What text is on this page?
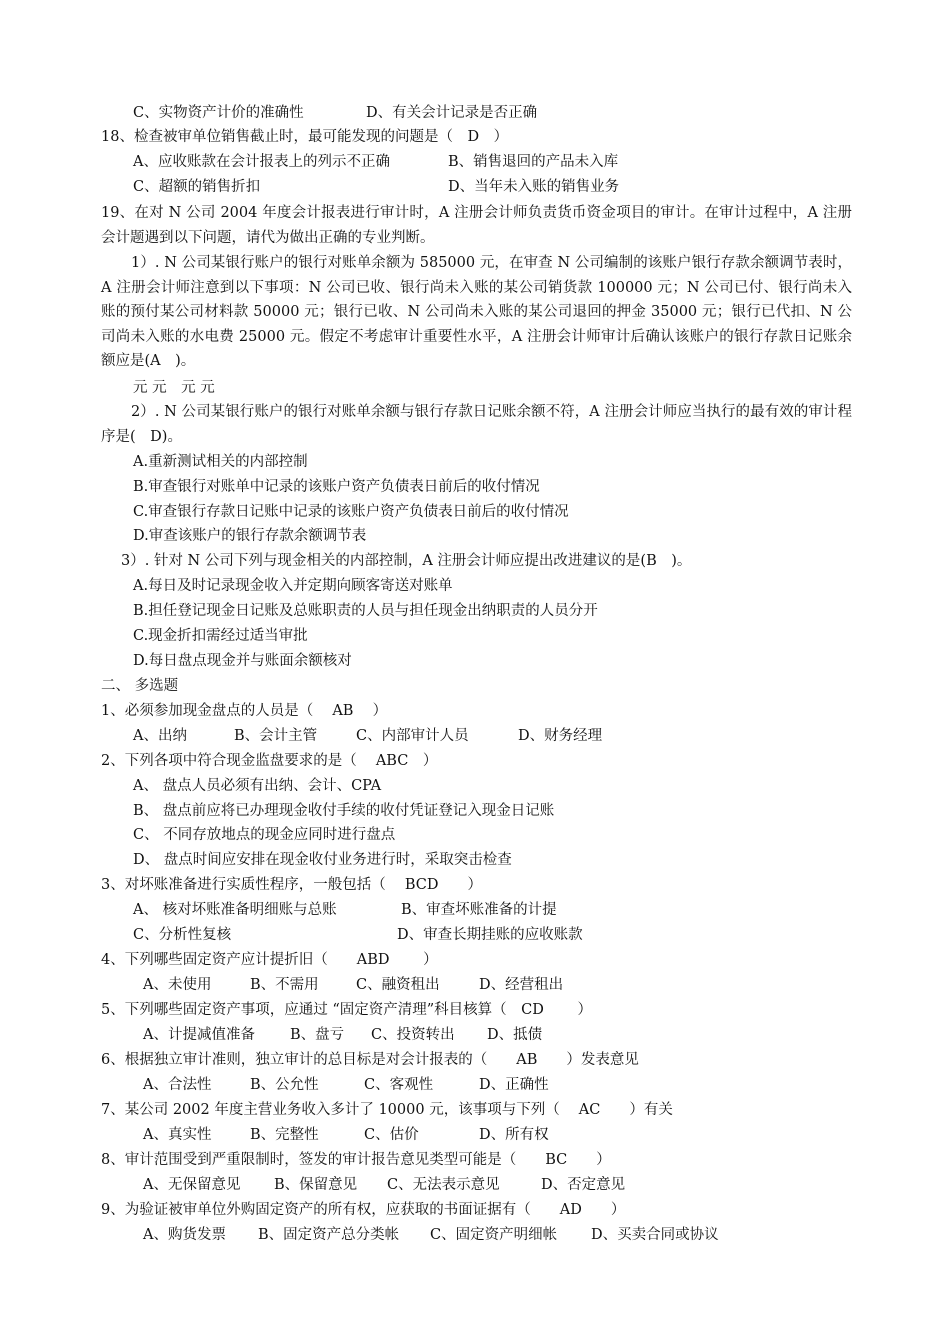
C、实物资产计价的准确性	D、有关会计记录是否正确
18、检查被审单位销售截止时，最可能发现的问题是（　D　）
A、应收账款在会计报表上的列示不正确	B、销售退回的产品未入库
C、超额的销售折扣	D、当年未入账的销售业务
19、在对 N 公司 2004 年度会计报表进行审计时，A 注册会计师负责货币资金项目的审计。在审计过程中，A 注册会计题遇到以下问题，请代为做出正确的专业判断。
1）. N 公司某银行账户的银行对账单余额为 585000 元，在审查 N 公司编制的该账户银行存款余额调节表时，A 注册会计师注意到以下事项：N 公司已收、银行尚未入账的某公司销货款 100000 元；N 公司已付、银行尚未入账的预付某公司材料款 50000 元；银行已收、N 公司尚未入账的某公司退回的押金 35000 元；银行已代扣、N 公司尚未入账的水电费 25000 元。假定不考虑审计重要性水平，A 注册会计师审计后确认该账户的银行存款日记账余额应是(A　)。
元 元　元 元
2）. N 公司某银行账户的银行对账单余额与银行存款日记账余额不符，A 注册会计师应当执行的最有效的审计程序是(　D)。
A.重新测试相关的内部控制
B.审查银行对账单中记录的该账户资产负债表日前后的收付情况
C.审查银行存款日记账中记录的该账户资产负债表日前后的收付情况
D.审查该账户的银行存款余额调节表
3）. 针对 N 公司下列与现金相关的内部控制，A 注册会计师应提出改进建议的是(B　)。
A.每日及时记录现金收入并定期向顾客寄送对账单
B.担任登记现金日记账及总账职责的人员与担任现金出纳职责的人员分开
C.现金折扣需经过适当审批
D.每日盘点现金并与账面余额核对
二、 多选题
1、必须参加现金盘点的人员是（　 AB　 ）
A、出纳	B、会计主管	C、内部审计人员	D、财务经理
2、下列各项中符合现金监盘要求的是（　 ABC　）
A、 盘点人员必须有出纳、会计、CPA
B、 盘点前应将已办理现金收付手续的收付凭证登记入现金日记账
C、 不同存放地点的现金应同时进行盘点
D、 盘点时间应安排在现金收付业务进行时，采取突击检查
3、对坏账准备进行实质性程序，一般包括（　 BCD　　）
A、 核对坏账准备明细账与总账	B、审查坏账准备的计提
C、分析性复核	D、审查长期挂账的应收账款
4、下列哪些固定资产应计提折旧（　　ABD　　 ）
A、未使用	B、不需用	C、融资租出	D、经营租出
5、下列哪些固定资产事项，应通过 “固定资产清理”科目核算（　CD　　 ）
A、计提减值准备 B、盘亏 C、投资转出 D、抵债
6、根据独立审计准则，独立审计的总目标是对会计报表的（　　AB　　）发表意见
A、合法性	B、公允性	C、客观性	D、正确性
7、某公司 2002 年度主营业务收入多计了 10000 元，该事项与下列（　 AC　　）有关
A、真实性	B、完整性	C、估价	D、所有权
8、审计范围受到严重限制时，签发的审计报告意见类型可能是（　　BC　　）
A、无保留意见 B、保留意见 C、无法表示意见	D、否定意见
9、为验证被审单位外购固定资产的所有权，应获取的书面证据有（　　AD　　）
A、购货发票 B、固定资产总分类帐 C、固定资产明细帐 D、买卖合同或协议
